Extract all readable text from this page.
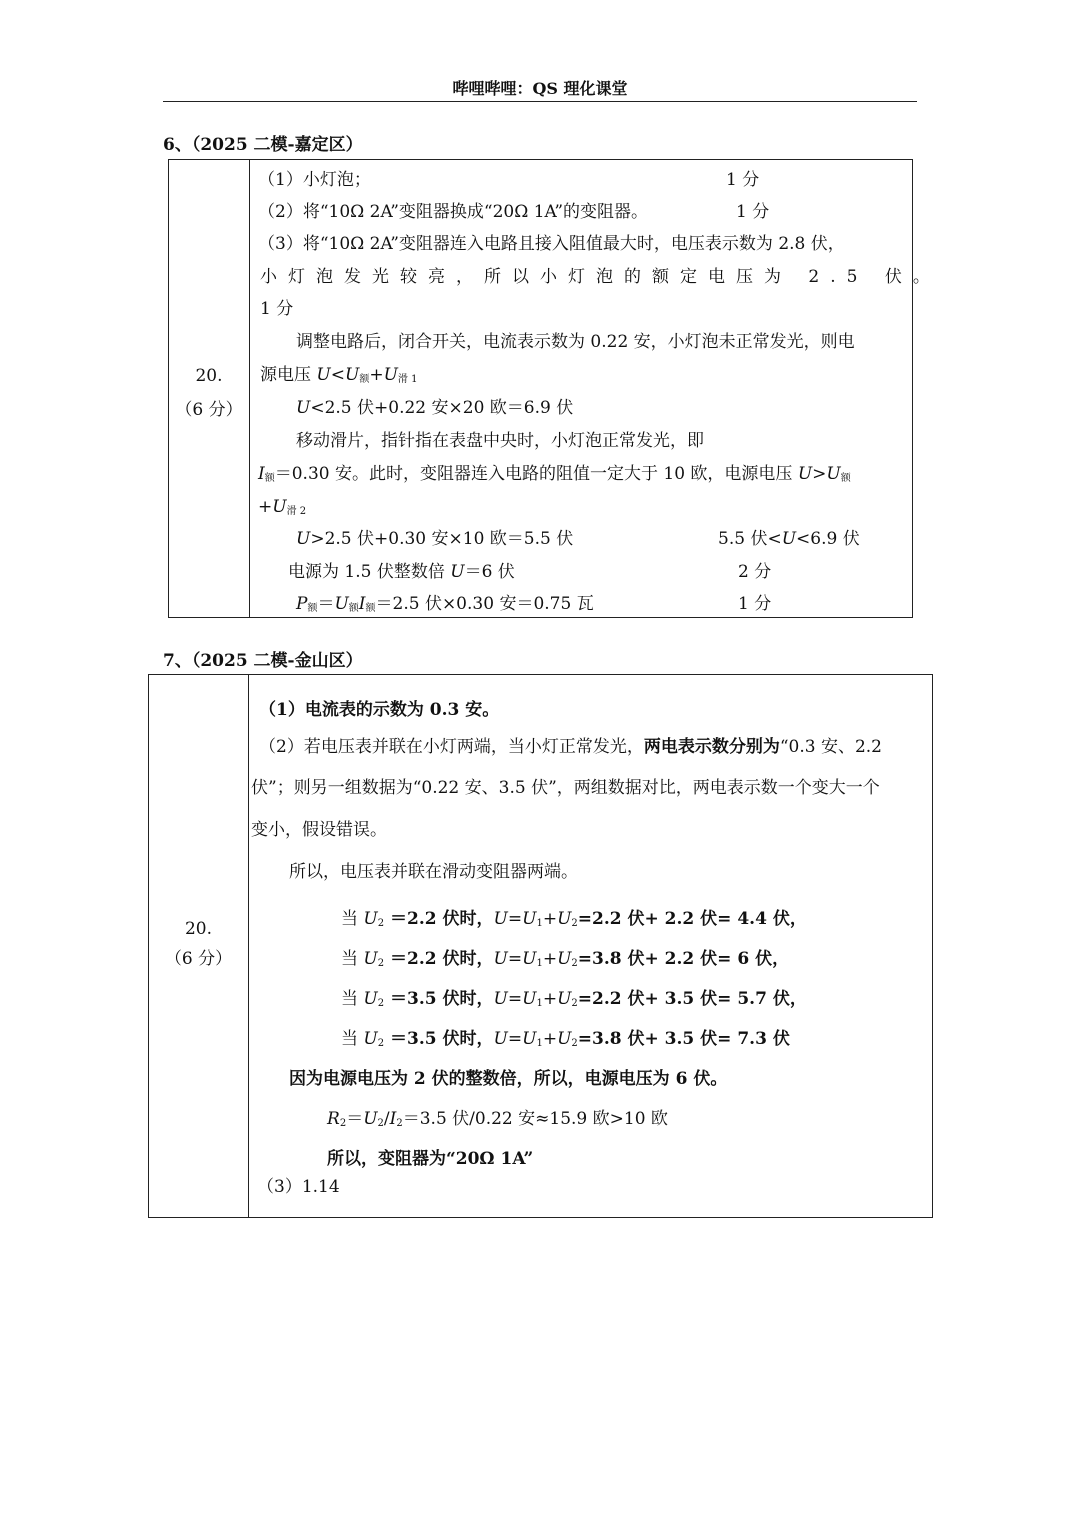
哔哩哔哩：QS 理化课堂
6、（2025 二模-嘉定区）
20.
（6 分）
（1）小灯泡；	1 分
（2）将“10Ω 2A”变阻器换成“20Ω 1A”的变阻器。	1 分
（3）将“10Ω 2A”变阻器连入电路且接入阻值最大时，电压表示数为 2.8 伏，
小灯泡发光较亮，所以小灯泡的额定电压为 2.5 伏。
1 分
调整电路后，闭合开关，电流表示数为 0.22 安，小灯泡未正常发光，则电
源电压 $U<U_额+U_{滑 1}$
U<2.5 伏+0.22 安×20 欧＝6.9 伏
移动滑片，指针指在表盘中央时，小灯泡正常发光，即
$I_额=0.30$ 安。此时，变阻器连入电路的阻值一定大于 10 欧，电源电压 $U>U_额$
$+U_{滑 2}$
U>2.5 伏+0.30 安×10 欧＝5.5 伏	5.5 伏<U<6.9 伏
电源为 1.5 伏整数倍 U＝6 伏	2 分
$P_额=U_额I_额=2.5$ 伏×0.30 安＝0.75 瓦	1 分
7、（2025 二模-金山区）
20.
（6 分）
（1）电流表的示数为 0.3 安。
（2）若电压表并联在小灯两端，当小灯正常发光，两电表示数分别为“0.3 安、2.2
伏”；则另一组数据为“0.22 安、3.5 伏”，两组数据对比，两电表示数一个变大一个
变小，假设错误。
所以，电压表并联在滑动变阻器两端。
当 $U_2 =2.2$ 伏时，$U=U_1+U_2=2.2$ 伏+ 2.2 伏= 4.4 伏，
当 $U_2 =2.2$ 伏时，$U=U_1+U_2=3.8$ 伏+ 2.2 伏= 6 伏，
当 $U_2 =3.5$ 伏时，$U=U_1+U_2=2.2$ 伏+ 3.5 伏= 5.7 伏，
当 $U_2 =3.5$ 伏时，$U=U_1+U_2=3.8$ 伏+ 3.5 伏= 7.3 伏
因为电源电压为 2 伏的整数倍，所以，电源电压为 6 伏。
$R_2=U_2/I_2=3.5$ 伏/0.22 安≈15.9 欧>10 欧
所以，变阻器为“20Ω 1A”
（3）1.14
